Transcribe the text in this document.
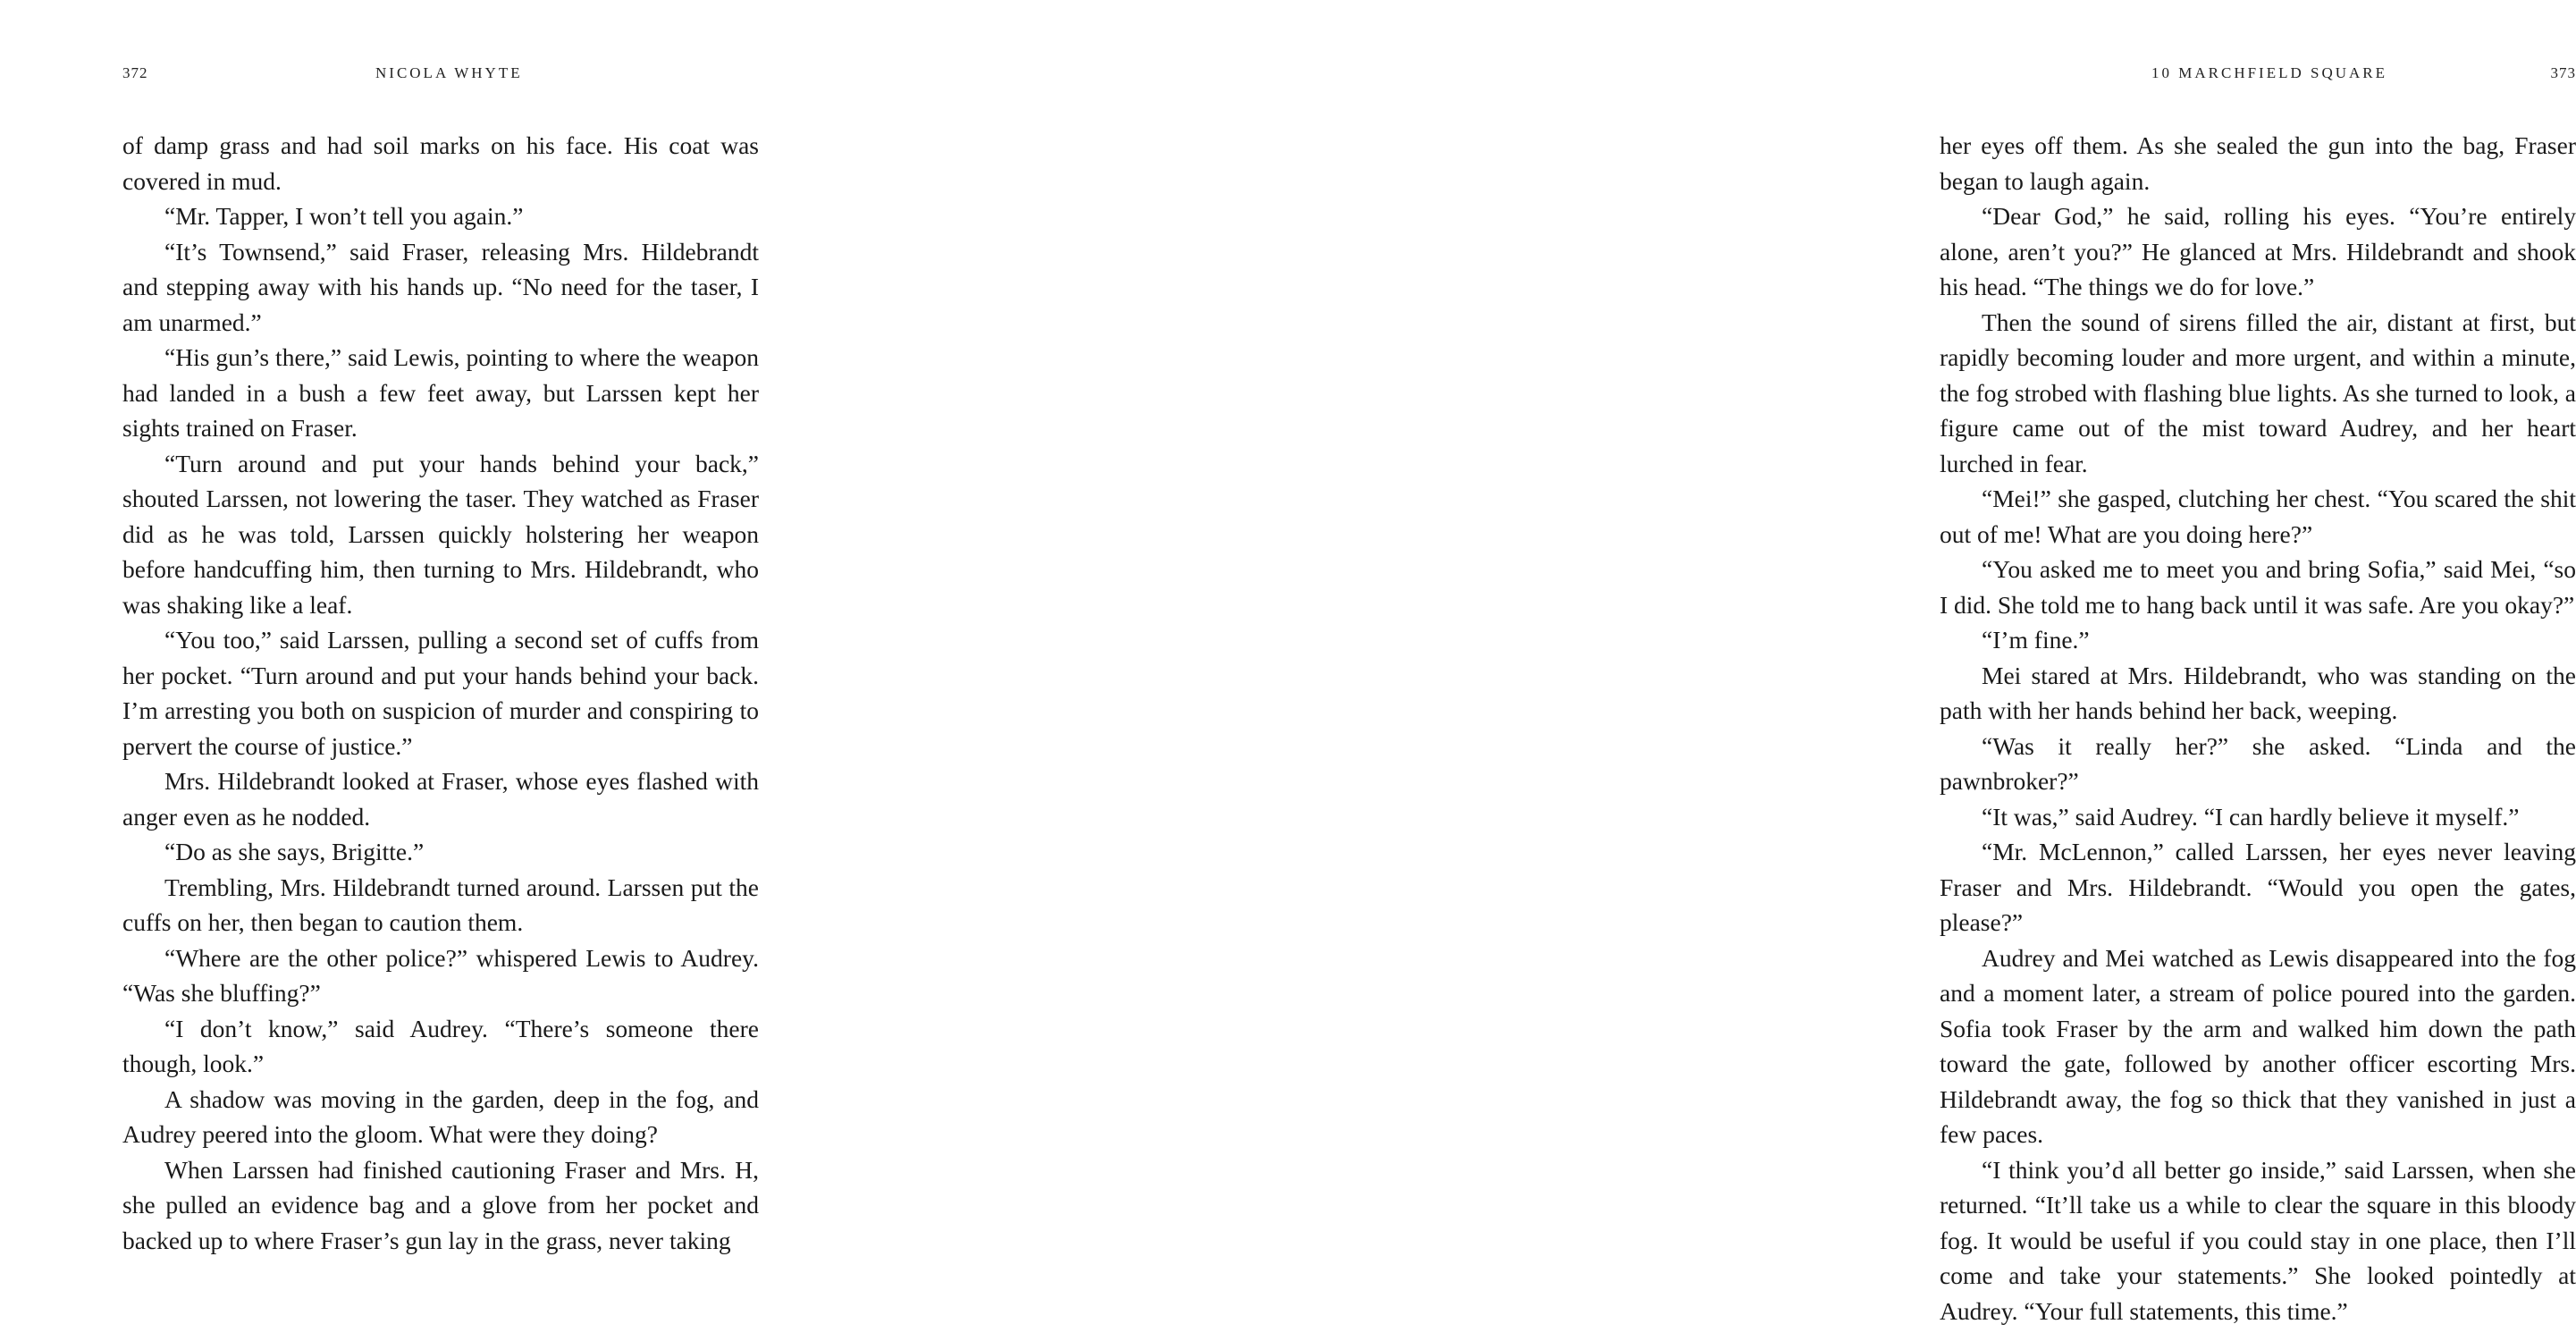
372	NICOLA WHYTE

of damp grass and had soil marks on his face. His coat was covered in mud.

“Mr. Tapper, I won’t tell you again.”

“It’s Townsend,” said Fraser, releasing Mrs. Hildebrandt and stepping away with his hands up. “No need for the taser, I am unarmed.”

“His gun’s there,” said Lewis, pointing to where the weapon had landed in a bush a few feet away, but Larssen kept her sights trained on Fraser.

“Turn around and put your hands behind your back,” shouted Larssen, not lowering the taser. They watched as Fraser did as he was told, Larssen quickly holstering her weapon before handcuffing him, then turning to Mrs. Hildebrandt, who was shaking like a leaf.

“You too,” said Larssen, pulling a second set of cuffs from her pocket. “Turn around and put your hands behind your back. I’m arresting you both on suspicion of murder and conspiring to pervert the course of justice.”

Mrs. Hildebrandt looked at Fraser, whose eyes flashed with anger even as he nodded.

“Do as she says, Brigitte.”

Trembling, Mrs. Hildebrandt turned around. Larssen put the cuffs on her, then began to caution them.

“Where are the other police?” whispered Lewis to Audrey. “Was she bluffing?”

“I don’t know,” said Audrey. “There’s someone there though, look.”

A shadow was moving in the garden, deep in the fog, and Audrey peered into the gloom. What were they doing?

When Larssen had finished cautioning Fraser and Mrs. H, she pulled an evidence bag and a glove from her pocket and backed up to where Fraser’s gun lay in the grass, never taking

10 MARCHFIELD SQUARE	373

her eyes off them. As she sealed the gun into the bag, Fraser began to laugh again.

“Dear God,” he said, rolling his eyes. “You’re entirely alone, aren’t you?” He glanced at Mrs. Hildebrandt and shook his head. “The things we do for love.”

Then the sound of sirens filled the air, distant at first, but rapidly becoming louder and more urgent, and within a minute, the fog strobed with flashing blue lights. As she turned to look, a figure came out of the mist toward Audrey, and her heart lurched in fear.

“Mei!” she gasped, clutching her chest. “You scared the shit out of me! What are you doing here?”

“You asked me to meet you and bring Sofia,” said Mei, “so I did. She told me to hang back until it was safe. Are you okay?”

“I’m fine.”

Mei stared at Mrs. Hildebrandt, who was standing on the path with her hands behind her back, weeping.

“Was it really her?” she asked. “Linda and the pawnbroker?”

“It was,” said Audrey. “I can hardly believe it myself.”

“Mr. McLennon,” called Larssen, her eyes never leaving Fraser and Mrs. Hildebrandt. “Would you open the gates, please?”

Audrey and Mei watched as Lewis disappeared into the fog and a moment later, a stream of police poured into the garden. Sofia took Fraser by the arm and walked him down the path toward the gate, followed by another officer escorting Mrs. Hildebrandt away, the fog so thick that they vanished in just a few paces.

“I think you’d all better go inside,” said Larssen, when she returned. “It’ll take us a while to clear the square in this bloody fog. It would be useful if you could stay in one place, then I’ll come and take your statements.” She looked pointedly at Audrey. “Your full statements, this time.”
